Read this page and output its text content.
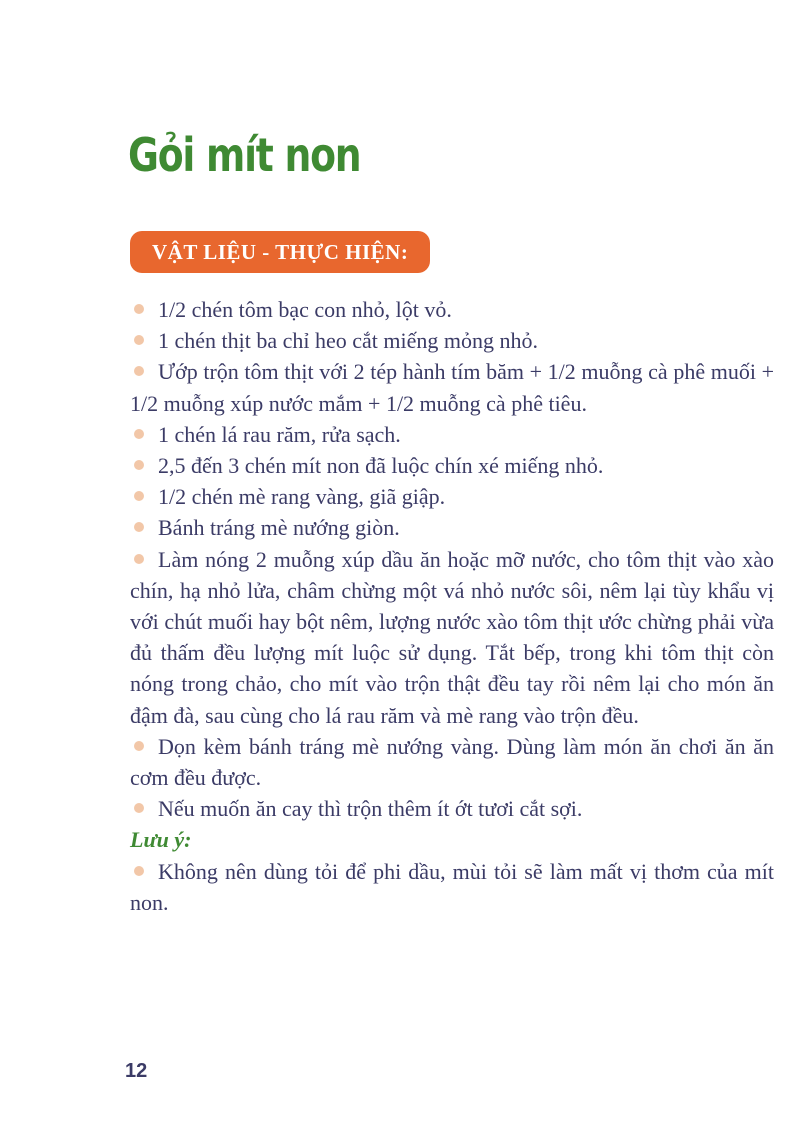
Gỏi mít non
VẬT LIỆU - THỰC HIỆN:

1/2 chén tôm bạc con nhỏ, lột vỏ.

1 chén thịt ba chỉ heo cắt miếng mỏng nhỏ.

Ướp trộn tôm thịt với 2 tép hành tím băm + 1/2 muỗng cà phê muối + 1/2 muỗng xúp nước mắm + 1/2 muỗng cà phê tiêu.

1 chén lá rau răm, rửa sạch.

2,5 đến 3 chén mít non đã luộc chín xé miếng nhỏ.

1/2 chén mè rang vàng, giã giập.

Bánh tráng mè nướng giòn.

Làm nóng 2 muỗng xúp dầu ăn hoặc mỡ nước, cho tôm thịt vào xào chín, hạ nhỏ lửa, châm chừng một vá nhỏ nước sôi, nêm lại tùy khẩu vị với chút muối hay bột nêm, lượng nước xào tôm thịt ước chừng phải vừa đủ thấm đều lượng mít luộc sử dụng. Tắt bếp, trong khi tôm thịt còn nóng trong chảo, cho mít vào trộn thật đều tay rồi nêm lại cho món ăn đậm đà, sau cùng cho lá rau răm và mè rang vào trộn đều.

Dọn kèm bánh tráng mè nướng vàng. Dùng làm món ăn chơi ăn ăn cơm đều được.

Nếu muốn ăn cay thì trộn thêm ít ớt tươi cắt sợi.

Lưu ý:

Không nên dùng tỏi để phi dầu, mùi tỏi sẽ làm mất vị thơm của mít non.

12
